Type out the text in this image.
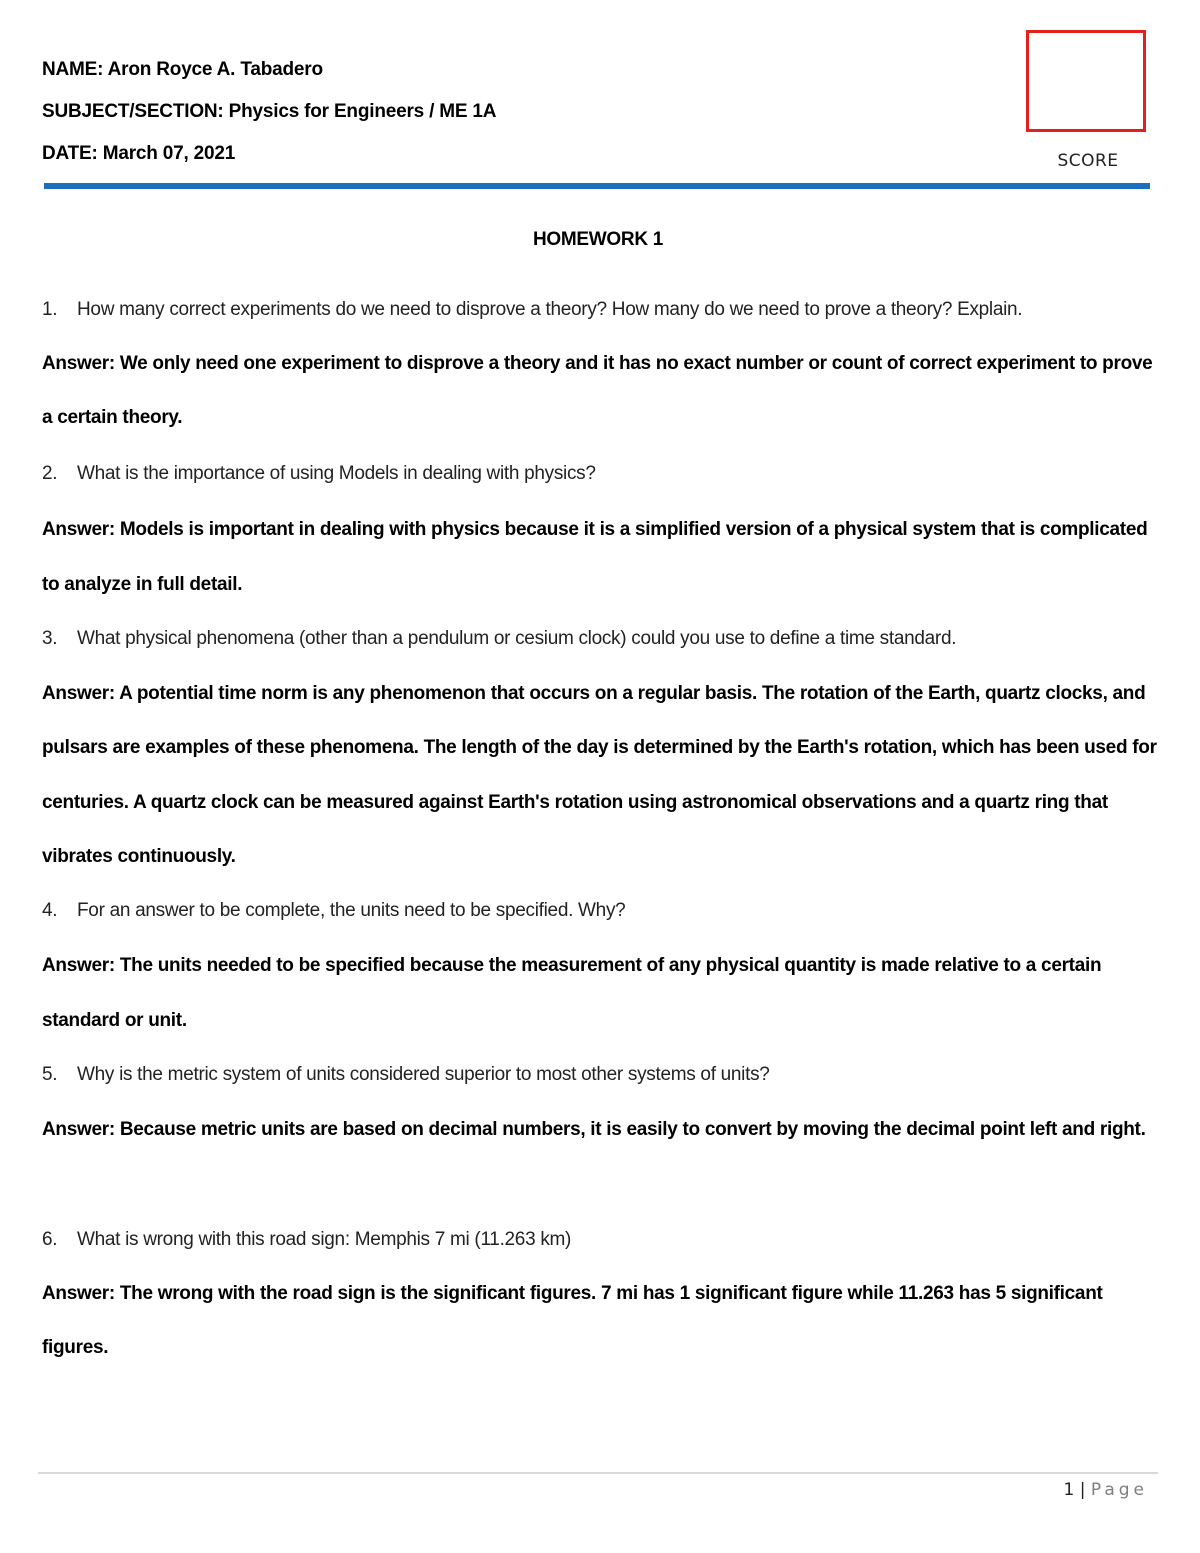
NAME: Aron Royce A. Tabadero
SUBJECT/SECTION: Physics for Engineers / ME 1A
DATE: March 07, 2021	SCORE
HOMEWORK 1
1. How many correct experiments do we need to disprove a theory? How many do we need to prove a theory? Explain.
Answer: We only need one experiment to disprove a theory and it has no exact number or count of correct experiment to prove a certain theory.
2. What is the importance of using Models in dealing with physics?
Answer: Models is important in dealing with physics because it is a simplified version of a physical system that is complicated to analyze in full detail.
3. What physical phenomena (other than a pendulum or cesium clock) could you use to define a time standard.
Answer: A potential time norm is any phenomenon that occurs on a regular basis. The rotation of the Earth, quartz clocks, and pulsars are examples of these phenomena. The length of the day is determined by the Earth's rotation, which has been used for centuries. A quartz clock can be measured against Earth's rotation using astronomical observations and a quartz ring that vibrates continuously.
4. For an answer to be complete, the units need to be specified. Why?
Answer: The units needed to be specified because the measurement of any physical quantity is made relative to a certain standard or unit.
5. Why is the metric system of units considered superior to most other systems of units?
Answer: Because metric units are based on decimal numbers, it is easily to convert by moving the decimal point left and right.
6. What is wrong with this road sign: Memphis 7 mi (11.263 km)
Answer: The wrong with the road sign is the significant figures. 7 mi has 1 significant figure while 11.263 has 5 significant figures.
1 | Page
